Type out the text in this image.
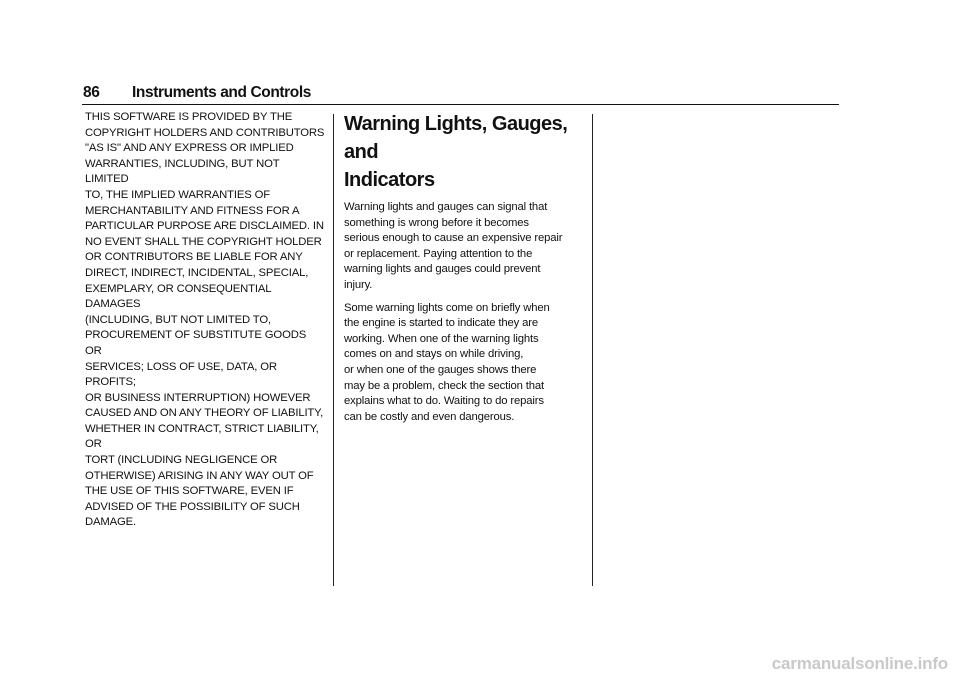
86 Instruments and Controls

THIS SOFTWARE IS PROVIDED BY THE
COPYRIGHT HOLDERS AND CONTRIBUTORS
"AS IS" AND ANY EXPRESS OR IMPLIED
WARRANTIES, INCLUDING, BUT NOT LIMITED
TO, THE IMPLIED WARRANTIES OF
MERCHANTABILITY AND FITNESS FOR A
PARTICULAR PURPOSE ARE DISCLAIMED. IN
NO EVENT SHALL THE COPYRIGHT HOLDER
OR CONTRIBUTORS BE LIABLE FOR ANY
DIRECT, INDIRECT, INCIDENTAL, SPECIAL,
EXEMPLARY, OR CONSEQUENTIAL DAMAGES
(INCLUDING, BUT NOT LIMITED TO,
PROCUREMENT OF SUBSTITUTE GOODS OR
SERVICES; LOSS OF USE, DATA, OR PROFITS;
OR BUSINESS INTERRUPTION) HOWEVER
CAUSED AND ON ANY THEORY OF LIABILITY,
WHETHER IN CONTRACT, STRICT LIABILITY, OR
TORT (INCLUDING NEGLIGENCE OR
OTHERWISE) ARISING IN ANY WAY OUT OF
THE USE OF THIS SOFTWARE, EVEN IF
ADVISED OF THE POSSIBILITY OF SUCH
DAMAGE.

Warning Lights, Gauges, and
Indicators

Warning lights and gauges can signal that
something is wrong before it becomes
serious enough to cause an expensive repair
or replacement. Paying attention to the
warning lights and gauges could prevent
injury.

Some warning lights come on briefly when
the engine is started to indicate they are
working. When one of the warning lights
comes on and stays on while driving,
or when one of the gauges shows there
may be a problem, check the section that
explains what to do. Waiting to do repairs
can be costly and even dangerous.

carmanualsonline.info
